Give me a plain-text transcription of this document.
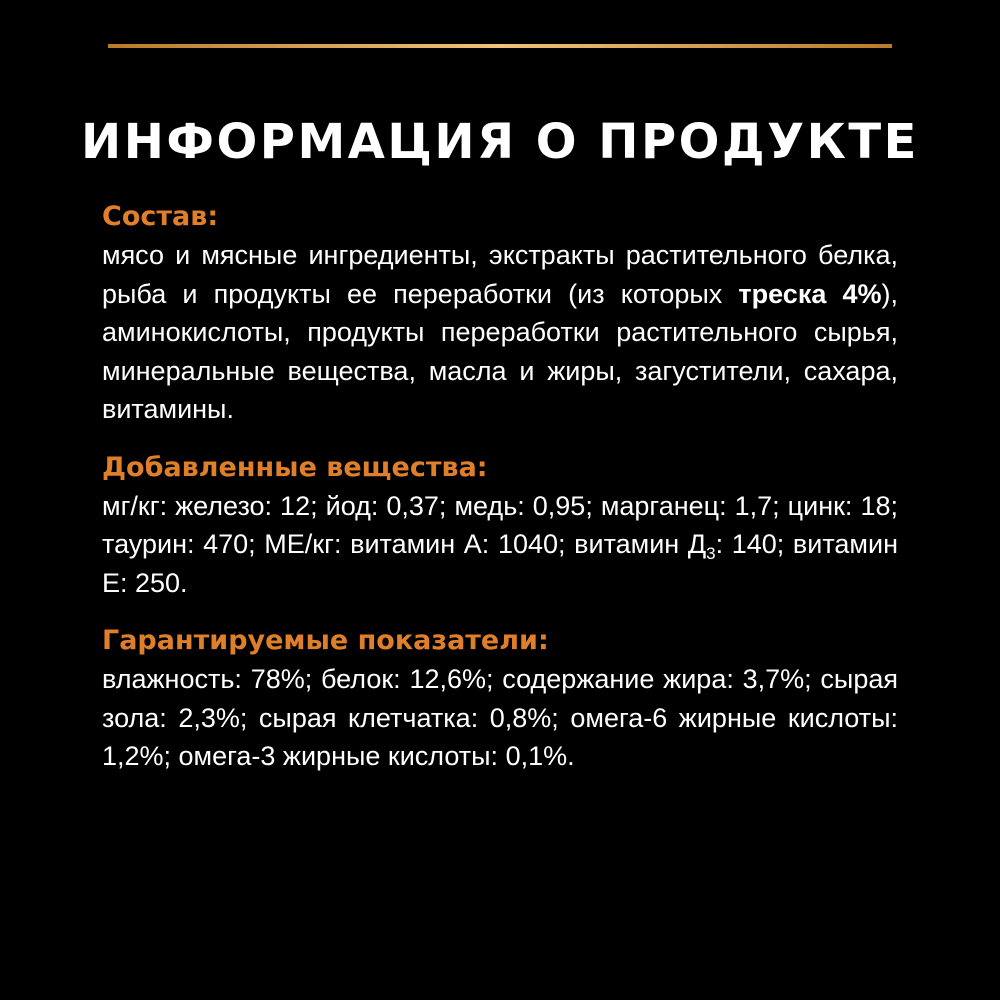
ИНФОРМАЦИЯ О ПРОДУКТЕ
Состав:
мясо и мясные ингредиенты, экстракты растительного белка, рыба и продукты ее переработки (из которых треска 4%), аминокислоты, продукты переработки растительного сырья, минеральные вещества, масла и жиры, загустители, сахара, витамины.
Добавленные вещества:
мг/кг: железо: 12; йод: 0,37; медь: 0,95; марганец: 1,7; цинк: 18; таурин: 470; МЕ/кг: витамин А: 1040; витамин $Д_3$: 140; витамин Е: 250.
Гарантируемые показатели:
влажность: 78%; белок: 12,6%; содержание жира: 3,7%; сырая зола: 2,3%; сырая клетчатка: 0,8%; омега-6 жирные кислоты: 1,2%; омега-3 жирные кислоты: 0,1%.
